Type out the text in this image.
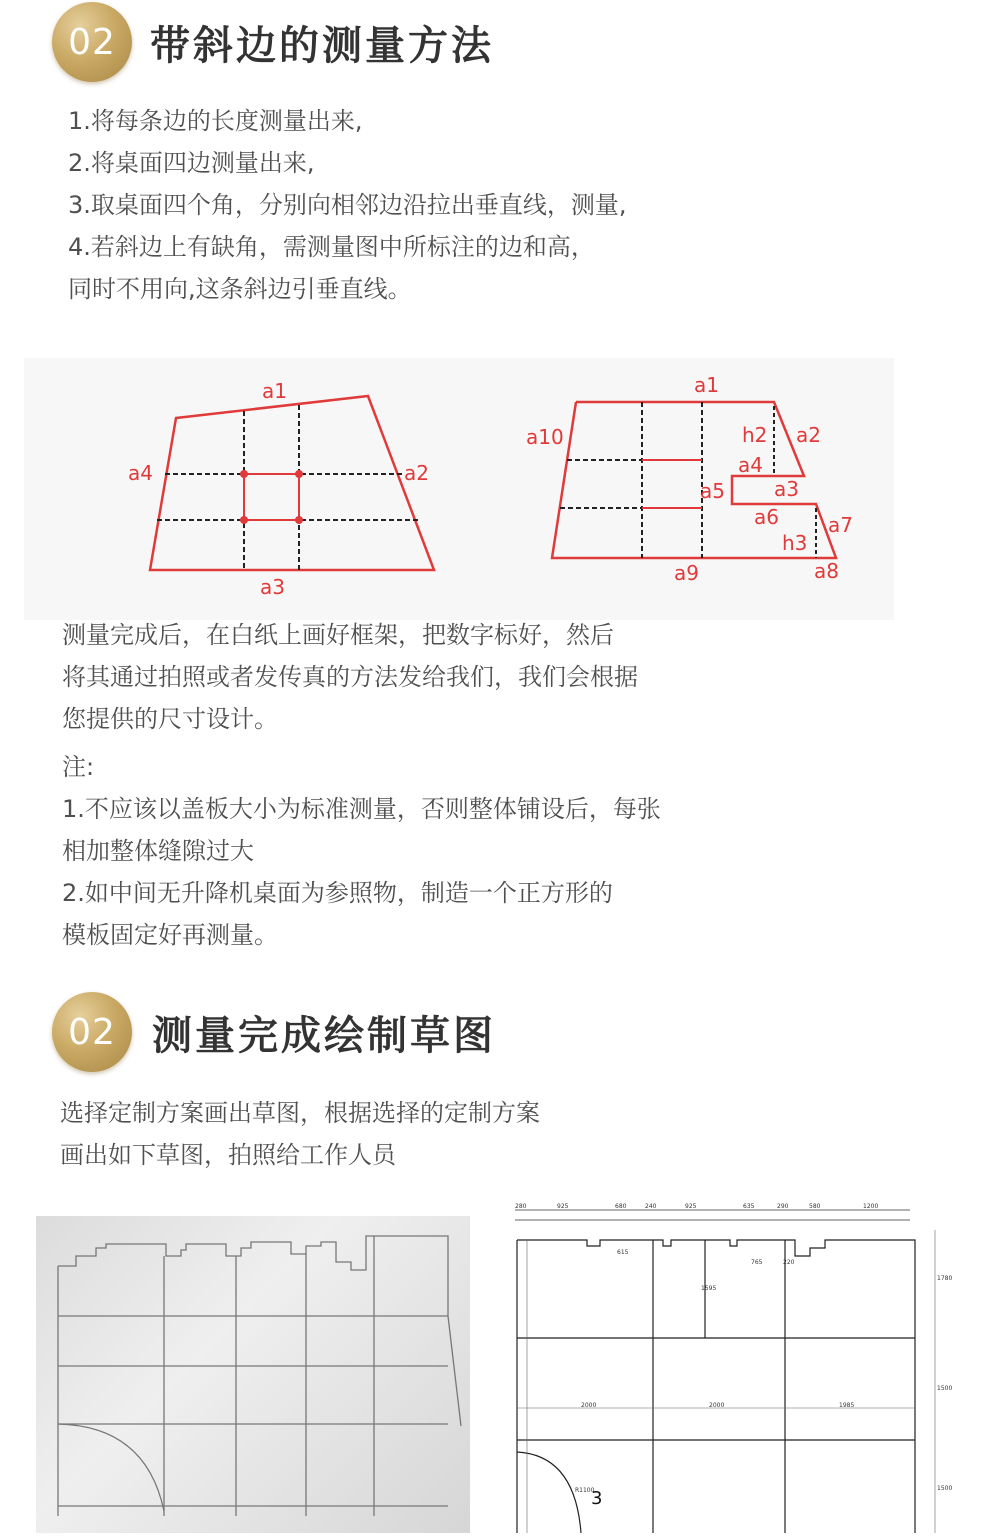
02 带斜边的测量方法
1.将每条边的长度测量出来,
2.将桌面四边测量出来,
3.取桌面四个角，分别向相邻边沿拉出垂直线，测量,
4.若斜边上有缺角，需测量图中所标注的边和高，
同时不用向,这条斜边引垂直线。
a1
a4	a2
a3
a1
a10	h2 a2
a4
a5 a3
a6 a7
h3
a8
a9
测量完成后，在白纸上画好框架，把数字标好，然后
将其通过拍照或者发传真的方法发给我们，我们会根据
您提供的尺寸设计。
注:
1.不应该以盖板大小为标准测量，否则整体铺设后，每张
相加整体缝隙过大
2.如中间无升降机桌面为参照物，制造一个正方形的
模板固定好再测量。
02 测量完成绘制草图
选择定制方案画出草图，根据选择的定制方案
画出如下草图，拍照给工作人员
280	925	680	240	925	635	290	580	1200
615
765	220
1595
2000	2000	1985
1780
1500
1500
R1100
3
